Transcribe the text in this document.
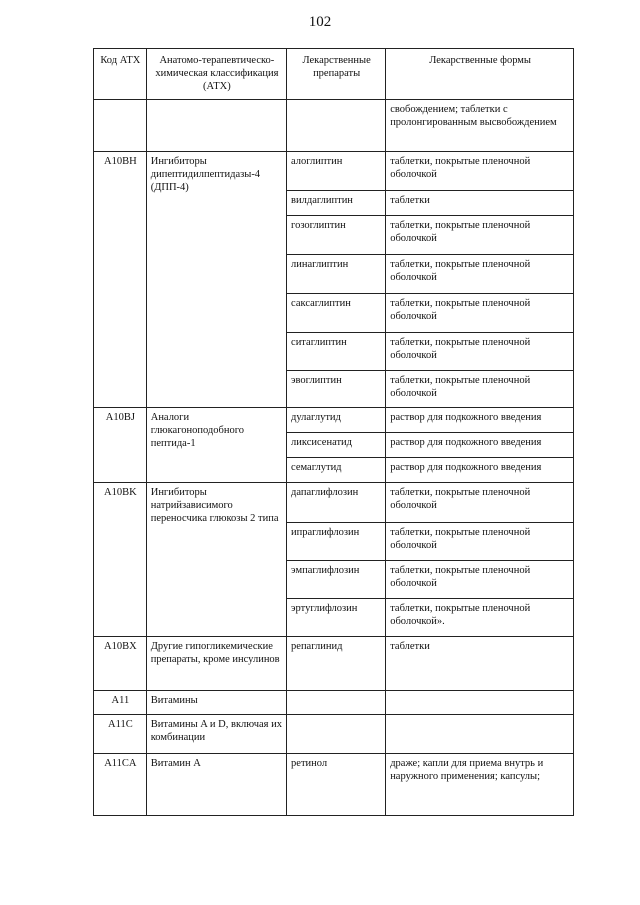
102
Код АТХ	Анатомо-терапевтическо-химическая классификация (АТХ)	Лекарственные препараты	Лекарственные формы
			свобождением; таблетки с пролонгированным высвобождением
A10BH	Ингибиторы дипептидилпептидазы-4 (ДПП-4)	алоглиптин	таблетки, покрытые пленочной оболочкой
		вилдаглиптин	таблетки
		гозоглиптин	таблетки, покрытые пленочной оболочкой
		линаглиптин	таблетки, покрытые пленочной оболочкой
		саксаглиптин	таблетки, покрытые пленочной оболочкой
		ситаглиптин	таблетки, покрытые пленочной оболочкой
		эвоглиптин	таблетки, покрытые пленочной оболочкой
A10BJ	Аналоги глюкагоноподобного пептида-1	дулаглутид	раствор для подкожного введения
		ликсисенатид	раствор для подкожного введения
		семаглутид	раствор для подкожного введения
A10BK	Ингибиторы натрийзависимого переносчика глюкозы 2 типа	дапаглифлозин	таблетки, покрытые пленочной оболочкой
		ипраглифлозин	таблетки, покрытые пленочной оболочкой
		эмпаглифлозин	таблетки, покрытые пленочной оболочкой
		эртуглифлозин	таблетки, покрытые пленочной оболочкой».
A10BX	Другие гипогликемические препараты, кроме инсулинов	репаглинид	таблетки
A11	Витамины		
A11C	Витамины A и D, включая их комбинации		
A11CA	Витамин A	ретинол	драже; капли для приема внутрь и наружного применения; капсулы;
